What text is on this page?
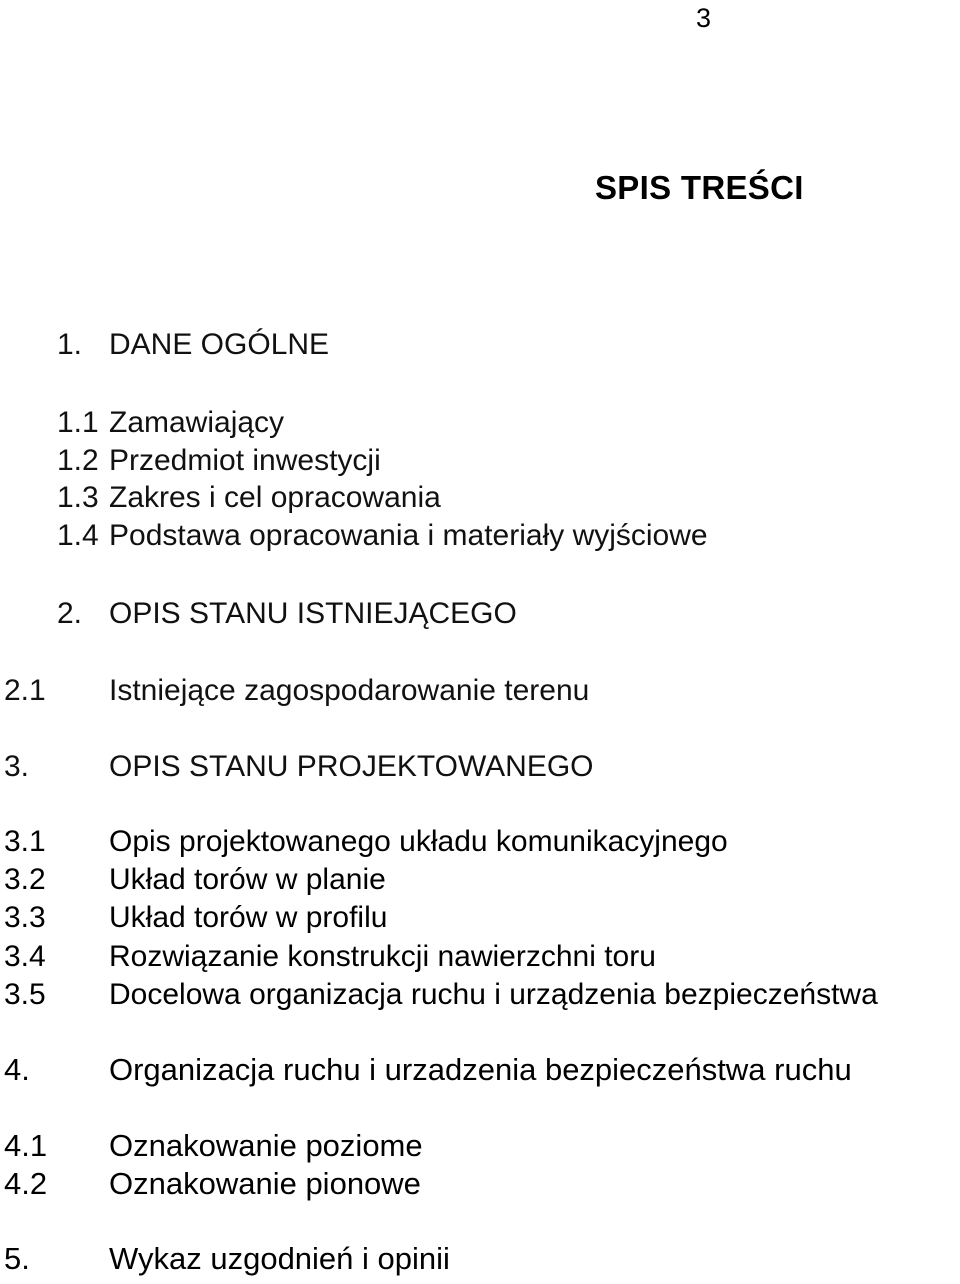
3
SPIS TREŚCI
1. DANE OGÓLNE
1.1 Zamawiający
1.2 Przedmiot inwestycji
1.3 Zakres i cel opracowania
1.4 Podstawa opracowania i materiały wyjściowe
2. OPIS STANU ISTNIEJĄCEGO
2.1 Istniejące zagospodarowanie terenu
3.	OPIS STANU PROJEKTOWANEGO
3.1 Opis projektowanego układu komunikacyjnego
3.2 Układ torów w planie
3.3 Układ torów w profilu
3.4 Rozwiązanie konstrukcji nawierzchni toru
3.5 Docelowa organizacja ruchu i urządzenia bezpieczeństwa
4.	Organizacja ruchu i urzadzenia bezpieczeństwa ruchu
4.1 Oznakowanie poziome
4.2 Oznakowanie pionowe
5.	Wykaz uzgodnień i opinii
